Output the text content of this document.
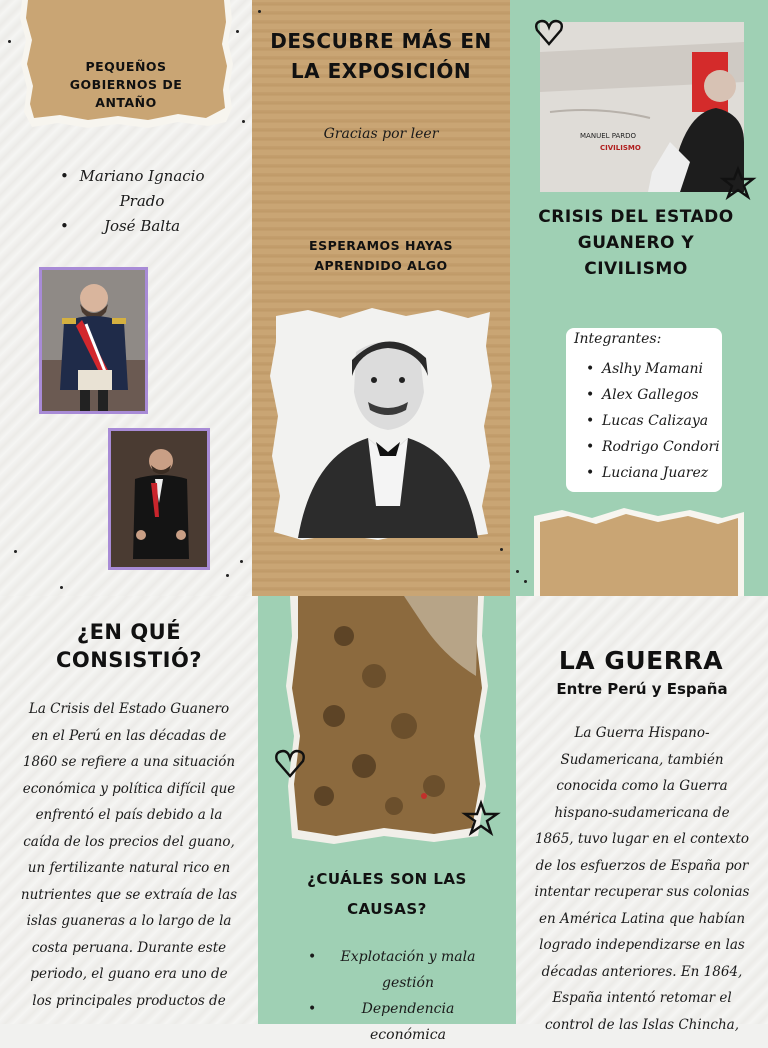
PEQUEÑOS GOBIERNOS DE ANTAÑO
• Mariano Ignacio Prado
• José Balta
DESCUBRE MÁS EN LA EXPOSICIÓN
Gracias por leer
ESPERAMOS HAYAS APRENDIDO ALGO
MANUEL PARDO
CIVILISMO
CRISIS DEL ESTADO GUANERO Y CIVILISMO
Integrantes:
• Aslhy Mamani
• Alex Gallegos
• Lucas Calizaya
• Rodrigo Condori
• Luciana Juarez
¿EN QUÉ CONSISTIÓ?

La Crisis del Estado Guanero en el Perú en las décadas de 1860 se refiere a una situación económica y política difícil que enfrentó el país debido a la caída de los precios del guano, un fertilizante natural rico en nutrientes que se extraía de las islas guaneras a lo largo de la costa peruana. Durante este periodo, el guano era uno de los principales productos de

¿CUÁLES SON LAS CAUSAS?
• Explotación y mala gestión
• Dependencia económica
LA GUERRA
Entre Perú y España

La Guerra Hispano-Sudamericana, también conocida como la Guerra hispano-sudamericana de 1865, tuvo lugar en el contexto de los esfuerzos de España por intentar recuperar sus colonias en América Latina que habían logrado independizarse en las décadas anteriores. En 1864, España intentó retomar el control de las Islas Chincha,
